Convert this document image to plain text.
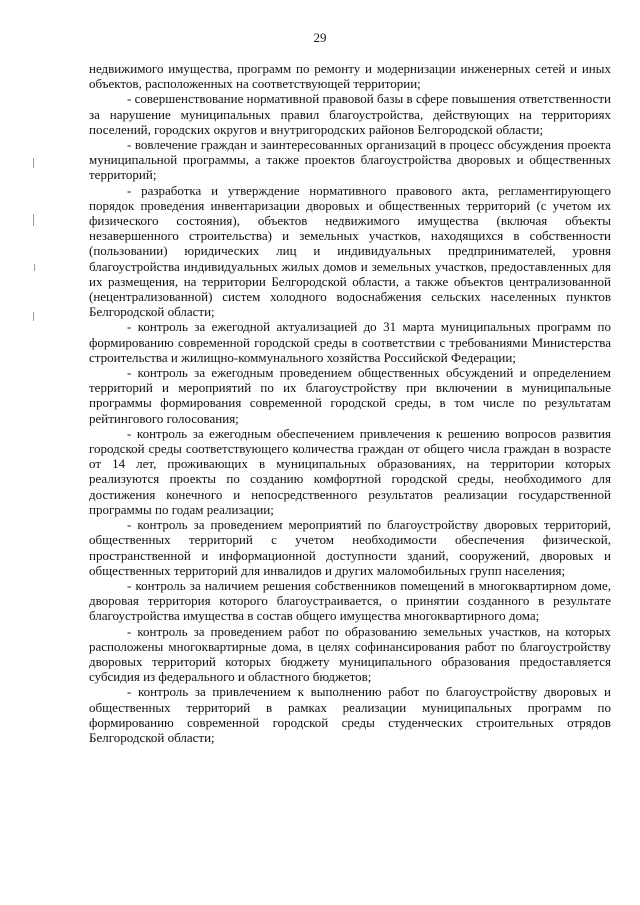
29

недвижимого имущества, программ по ремонту и модернизации инженерных сетей и иных объектов, расположенных на соответствующей территории;

- совершенствование нормативной правовой базы в сфере повышения ответственности за нарушение муниципальных правил благоустройства, действующих на территориях поселений, городских округов и внутригородских районов Белгородской области;

- вовлечение граждан и заинтересованных организаций в процесс обсуждения проекта муниципальной программы, а также проектов благоустройства дворовых и общественных территорий;

- разработка и утверждение нормативного правового акта, регламентирующего порядок проведения инвентаризации дворовых и общественных территорий (с учетом их физического состояния), объектов недвижимого имущества (включая объекты незавершенного строительства) и земельных участков, находящихся в собственности (пользовании) юридических лиц и индивидуальных предпринимателей, уровня благоустройства индивидуальных жилых домов и земельных участков, предоставленных для их размещения, на территории Белгородской области, а также объектов централизованной (нецентрализованной) систем холодного водоснабжения сельских населенных пунктов Белгородской области;

- контроль за ежегодной актуализацией до 31 марта муниципальных программ по формированию современной городской среды в соответствии с требованиями Министерства строительства и жилищно-коммунального хозяйства Российской Федерации;

- контроль за ежегодным проведением общественных обсуждений и определением территорий и мероприятий по их благоустройству при включении в муниципальные программы формирования современной городской среды, в том числе по результатам рейтингового голосования;

- контроль за ежегодным обеспечением привлечения к решению вопросов развития городской среды соответствующего количества граждан от общего числа граждан в возрасте от 14 лет, проживающих в муниципальных образованиях, на территории которых реализуются проекты по созданию комфортной городской среды, необходимого для достижения конечного и непосредственного результатов реализации государственной программы по годам реализации;

- контроль за проведением мероприятий по благоустройству дворовых территорий, общественных территорий с учетом необходимости обеспечения физической, пространственной и информационной доступности зданий, сооружений, дворовых и общественных территорий для инвалидов и других маломобильных групп населения;

- контроль за наличием решения собственников помещений в многоквартирном доме, дворовая территория которого благоустраивается, о принятии созданного в результате благоустройства имущества в состав общего имущества многоквартирного дома;

- контроль за проведением работ по образованию земельных участков, на которых расположены многоквартирные дома, в целях софинансирования работ по благоустройству дворовых территорий которых бюджету муниципального образования предоставляется субсидия из федерального и областного бюджетов;

- контроль за привлечением к выполнению работ по благоустройству дворовых и общественных территорий в рамках реализации муниципальных программ по формированию современной городской среды студенческих строительных отрядов Белгородской области;
